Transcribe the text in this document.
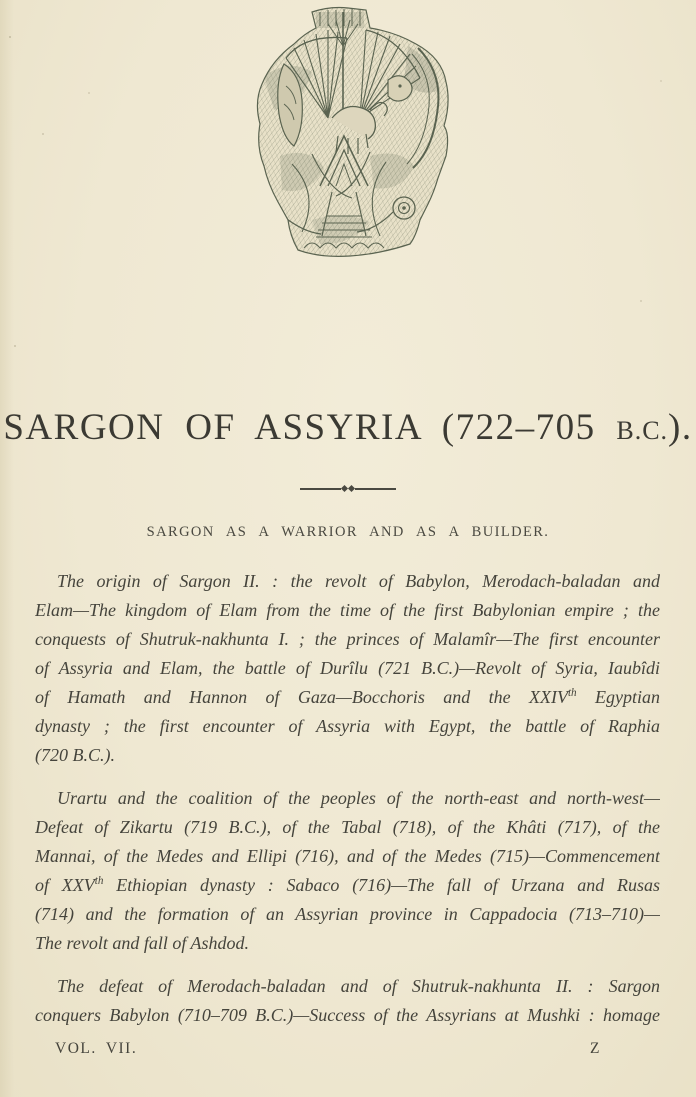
SARGON OF ASSYRIA (722–705 B.C.).
SARGON AS A WARRIOR AND AS A BUILDER.

The origin of Sargon II. : the revolt of Babylon, Merodach-baladan and
Elam—The kingdom of Elam from the time of the first Babylonian empire ; the
conquests of Shutruk-nakhunta I. ; the princes of Malamîr—The first encounter
of Assyria and Elam, the battle of Durîlu (721 B.C.)—Revolt of Syria, Iaubîdi
of Hamath and Hannon of Gaza—Bocchoris and the XXIVth Egyptian
dynasty ; the first encounter of Assyria with Egypt, the battle of Raphia
(720 B.C.).

Urartu and the coalition of the peoples of the north-east and north-west—
Defeat of Zikartu (719 B.C.), of the Tabal (718), of the Khâti (717), of the
Mannai, of the Medes and Ellipi (716), and of the Medes (715)—Commencement
of XXVth Ethiopian dynasty : Sabaco (716)—The fall of Urzana and Rusas
(714) and the formation of an Assyrian province in Cappadocia (713–710)—
The revolt and fall of Ashdod.

The defeat of Merodach-baladan and of Shutruk-nakhunta II. : Sargon
conquers Babylon (710–709 B.C.)—Success of the Assyrians at Mushki : homage

VOL. VII.	Z
